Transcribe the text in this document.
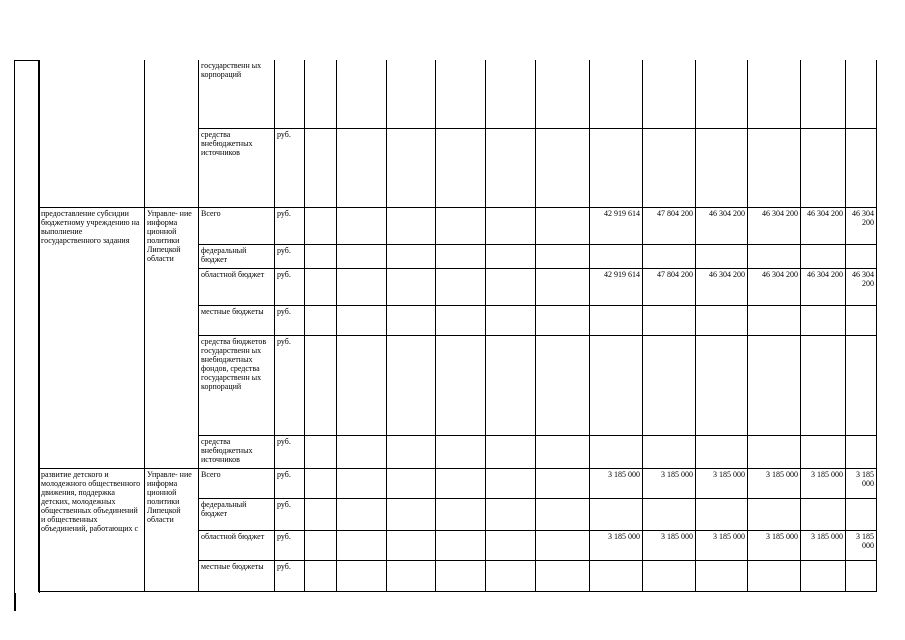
		государственн ых корпораций													
		средства внебюджетных источников	руб.												
предоставление субсидии бюджетному учреждению на выполнение государственного задания	Управле- ние информа ционной политики Липецкой области	Всего	руб.							42 919 614	47 804 200	46 304 200	46 304 200	46 304 200	46 304 200
		федеральный бюджет	руб.												
		областной бюджет	руб.							42 919 614	47 804 200	46 304 200	46 304 200	46 304 200	46 304 200
		местные бюджеты	руб.												
		средства бюджетов государственн ых внебюджетных фондов, средства государственн ых корпораций	руб.												
		средства внебюджетных источников	руб.												
развитие детского и молодежного общественного движения, поддержка детских, молодежных общественных объединений и общественных объединений, работающих с	Управле- ние информа ционной политики Липецкой области	Всего	руб.							3 185 000	3 185 000	3 185 000	3 185 000	3 185 000	3 185 000
		федеральный бюджет	руб.												
		областной бюджет	руб.							3 185 000	3 185 000	3 185 000	3 185 000	3 185 000	3 185 000
		местные бюджеты	руб.												
